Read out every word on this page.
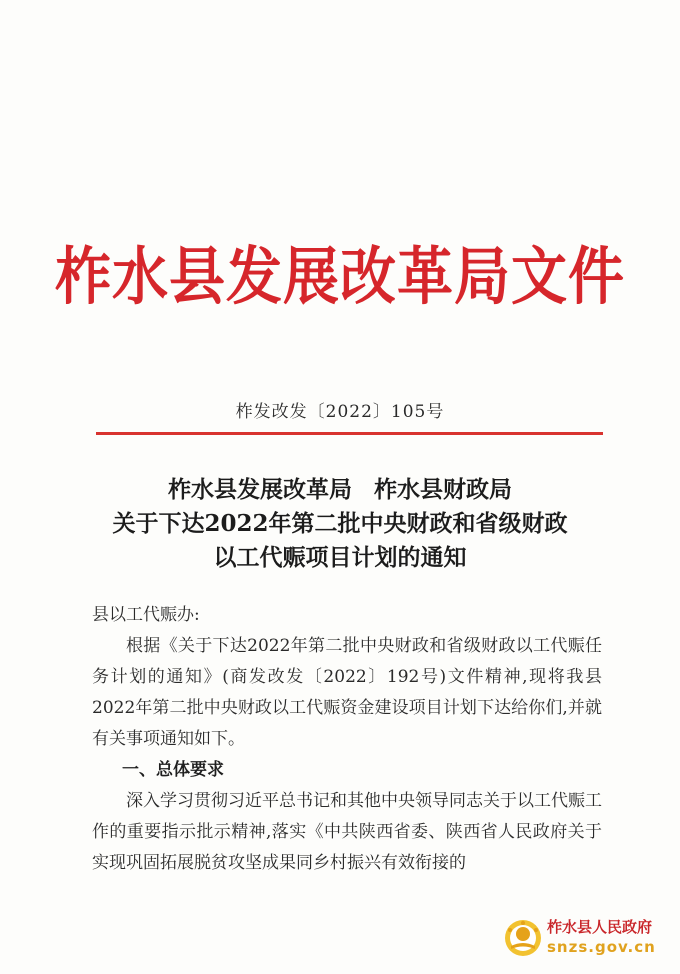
柞水县发展改革局文件
柞发改发〔2022〕105号
柞水县发展改革局 柞水县财政局
关于下达2022年第二批中央财政和省级财政
以工代赈项目计划的通知

县以工代赈办:

根据《关于下达2022年第二批中央财政和省级财政以工代赈任务计划的通知》(商发改发〔2022〕192号)文件精神,现将我县2022年第二批中央财政以工代赈资金建设项目计划下达给你们,并就有关事项通知如下。

一、总体要求

深入学习贯彻习近平总书记和其他中央领导同志关于以工代赈工作的重要指示批示精神,落实《中共陕西省委、陕西省人民政府关于实现巩固拓展脱贫攻坚成果同乡村振兴有效衔接的

柞水县人民政府
snzs.gov.cn
